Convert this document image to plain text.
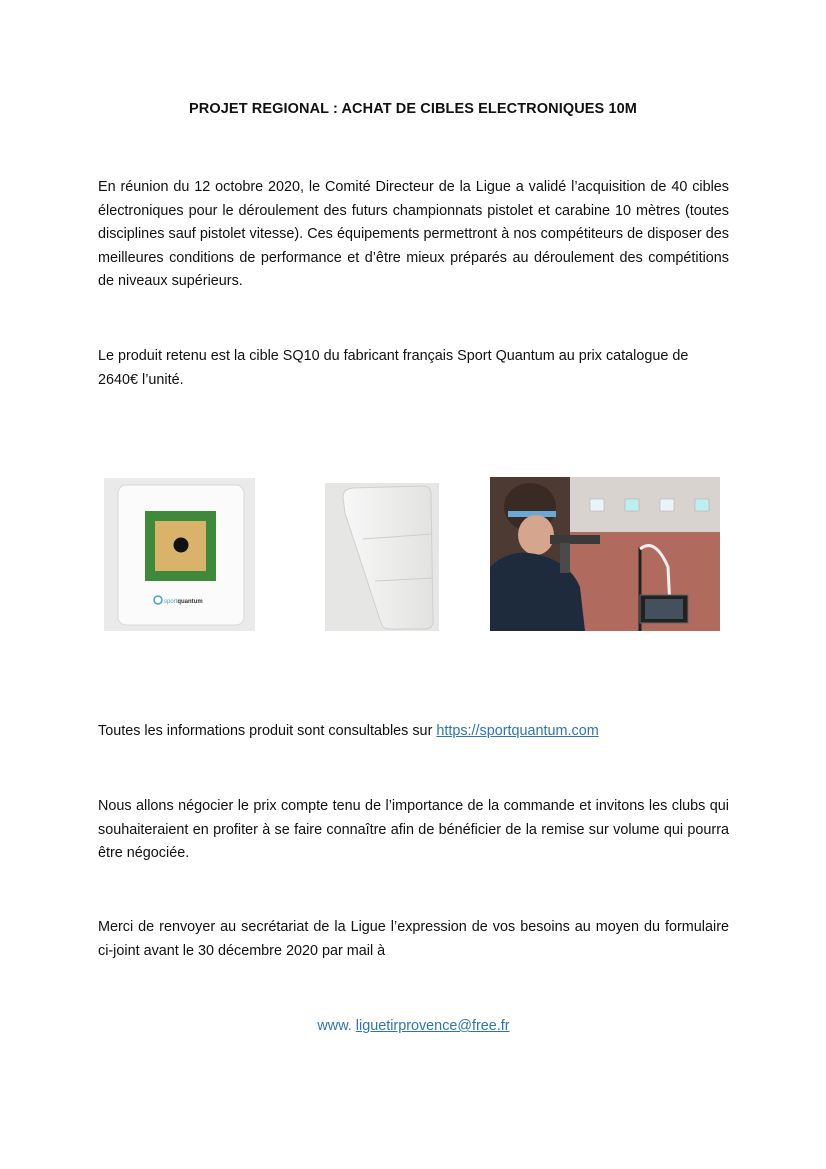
PROJET REGIONAL : ACHAT DE CIBLES ELECTRONIQUES 10M

En réunion du 12 octobre 2020, le Comité Directeur de la Ligue a validé l’acquisition de 40 cibles électroniques pour le déroulement des futurs championnats pistolet et carabine 10 mètres (toutes disciplines sauf pistolet vitesse). Ces équipements permettront à nos compétiteurs de disposer des meilleures conditions de performance et d’être mieux préparés au déroulement des compétitions de niveaux supérieurs.

Le produit retenu est la cible SQ10 du fabricant français Sport Quantum au prix catalogue de 2640€ l’unité.

sportquantum

Toutes les informations produit sont consultables sur https://sportquantum.com

Nous allons négocier le prix compte tenu de l’importance de la commande et invitons les clubs qui souhaiteraient en profiter à se faire connaître afin de bénéficier de la remise sur volume qui pourra être négociée.

Merci de renvoyer au secrétariat de la Ligue l’expression de vos besoins au moyen du formulaire ci-joint avant le 30 décembre 2020 par mail à

www. liguetirprovence@free.fr
